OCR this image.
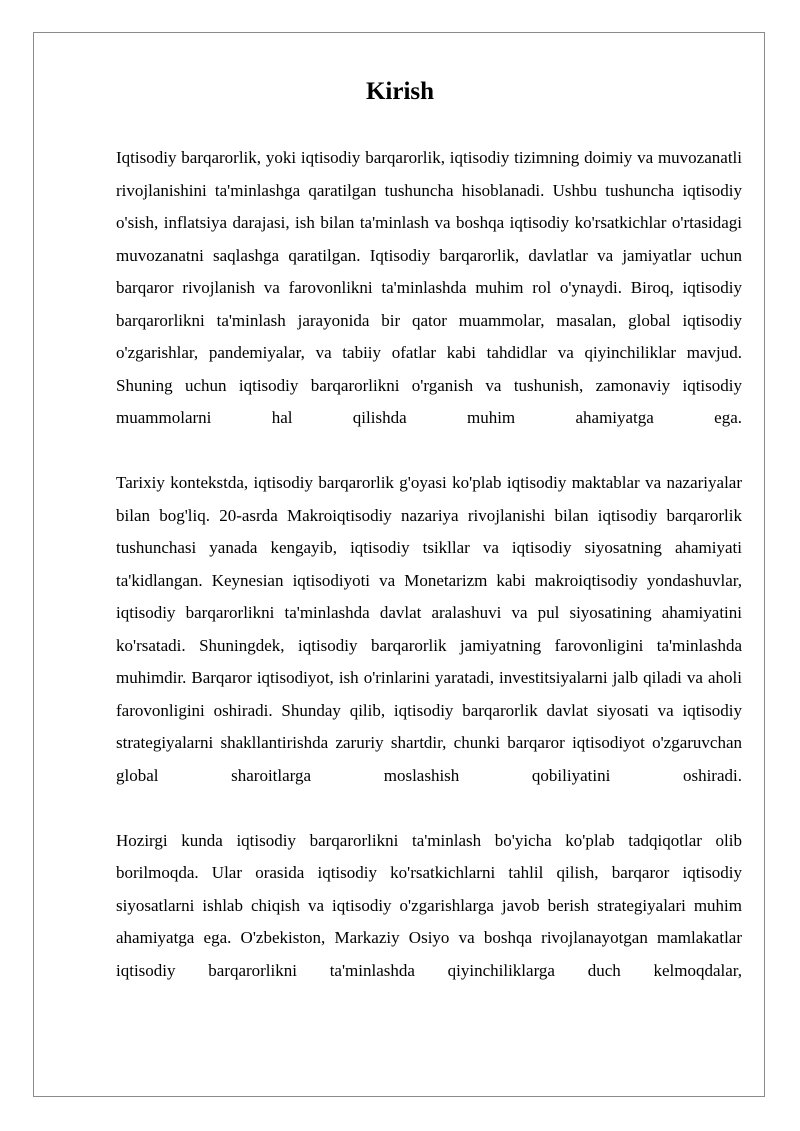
Kirish

Iqtisodiy barqarorlik, yoki iqtisodiy barqarorlik, iqtisodiy tizimning doimiy va muvozanatli rivojlanishini ta'minlashga qaratilgan tushuncha hisoblanadi. Ushbu tushuncha iqtisodiy o'sish, inflatsiya darajasi, ish bilan ta'minlash va boshqa iqtisodiy ko'rsatkichlar o'rtasidagi muvozanatni saqlashga qaratilgan. Iqtisodiy barqarorlik, davlatlar va jamiyatlar uchun barqaror rivojlanish va farovonlikni ta'minlashda muhim rol o'ynaydi. Biroq, iqtisodiy barqarorlikni ta'minlash jarayonida bir qator muammolar, masalan, global iqtisodiy o'zgarishlar, pandemiyalar, va tabiiy ofatlar kabi tahdidlar va qiyinchiliklar mavjud. Shuning uchun iqtisodiy barqarorlikni o'rganish va tushunish, zamonaviy iqtisodiy muammolarni hal qilishda muhim ahamiyatga ega.

Tarixiy kontekstda, iqtisodiy barqarorlik g'oyasi ko'plab iqtisodiy maktablar va nazariyalar bilan bog'liq. 20-asrda Makroiqtisodiy nazariya rivojlanishi bilan iqtisodiy barqarorlik tushunchasi yanada kengayib, iqtisodiy tsikllar va iqtisodiy siyosatning ahamiyati ta'kidlangan. Keynesian iqtisodiyoti va Monetarizm kabi makroiqtisodiy yondashuvlar, iqtisodiy barqarorlikni ta'minlashda davlat aralashuvi va pul siyosatining ahamiyatini ko'rsatadi. Shuningdek, iqtisodiy barqarorlik jamiyatning farovonligini ta'minlashda muhimdir. Barqaror iqtisodiyot, ish o'rinlarini yaratadi, investitsiyalarni jalb qiladi va aholi farovonligini oshiradi. Shunday qilib, iqtisodiy barqarorlik davlat siyosati va iqtisodiy strategiyalarni shakllantirishda zaruriy shartdir, chunki barqaror iqtisodiyot o'zgaruvchan global sharoitlarga moslashish qobiliyatini oshiradi.

Hozirgi kunda iqtisodiy barqarorlikni ta'minlash bo'yicha ko'plab tadqiqotlar olib borilmoqda. Ular orasida iqtisodiy ko'rsatkichlarni tahlil qilish, barqaror iqtisodiy siyosatlarni ishlab chiqish va iqtisodiy o'zgarishlarga javob berish strategiyalari muhim ahamiyatga ega. O'zbekiston, Markaziy Osiyo va boshqa rivojlanayotgan mamlakatlar iqtisodiy barqarorlikni ta'minlashda qiyinchiliklarga duch kelmoqdalar,
